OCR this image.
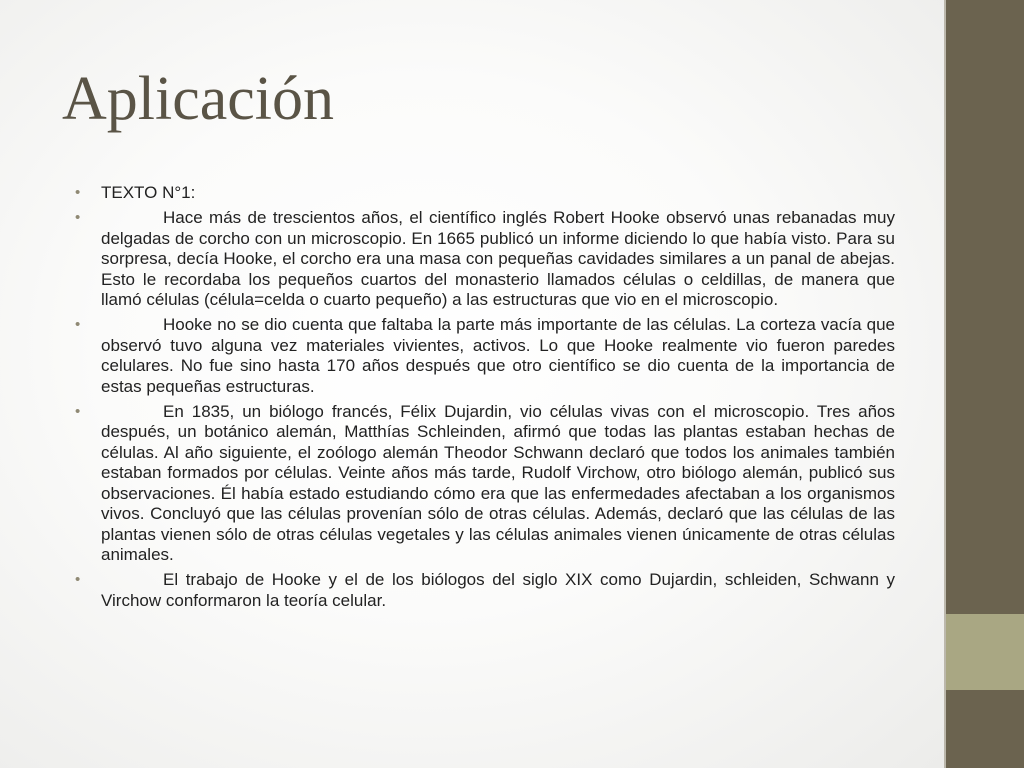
Aplicación
•	TEXTO N°1:
•	Hace más de trescientos años, el científico inglés Robert Hooke observó unas rebanadas muy delgadas de corcho con un microscopio. En 1665 publicó un informe diciendo lo que había visto. Para su sorpresa, decía Hooke, el corcho era una masa con pequeñas cavidades similares a un panal de abejas. Esto le recordaba los pequeños cuartos del monasterio llamados células o celdillas, de manera que llamó células (célula=celda o cuarto pequeño) a las estructuras que vio en el microscopio.
•	Hooke no se dio cuenta que faltaba la parte más importante de las células. La corteza vacía que observó tuvo alguna vez materiales vivientes, activos. Lo que Hooke realmente vio fueron paredes celulares. No fue sino hasta 170 años después que otro científico se dio cuenta de la importancia de estas pequeñas estructuras.
•	En 1835, un biólogo francés, Félix Dujardin, vio células vivas con el microscopio. Tres años después, un botánico alemán, Matthías Schleinden, afirmó que todas las plantas estaban hechas de células. Al año siguiente, el zoólogo alemán Theodor Schwann declaró que todos los animales también estaban formados por células. Veinte años más tarde, Rudolf Virchow, otro biólogo alemán, publicó sus observaciones. Él había estado estudiando cómo era que las enfermedades afectaban a los organismos vivos. Concluyó que las células provenían sólo de otras células. Además, declaró que las células de las plantas vienen sólo de otras células vegetales y las células animales vienen únicamente de otras células animales.
•	El trabajo de Hooke y el de los biólogos del siglo XIX como Dujardin, schleiden, Schwann y Virchow conformaron la teoría celular.
